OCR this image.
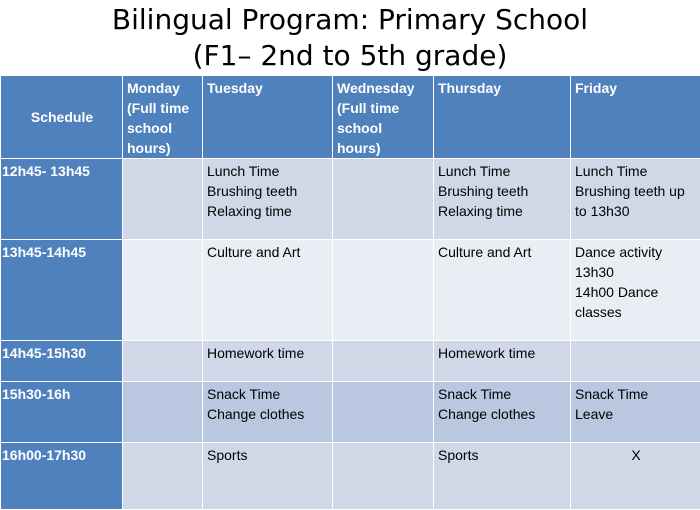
Bilingual Program: Primary School
(F1– 2nd to 5th grade)
Schedule	Monday
(Full time
school
hours)	Tuesday	Wednesday
(Full time
school
hours)	Thursday	Friday
12h45- 13h45		Lunch Time
Brushing teeth
Relaxing time		Lunch Time
Brushing teeth
Relaxing time	Lunch Time
Brushing teeth up
to 13h30

13h45-14h45		Culture and Art		Culture and Art	Dance activity
13h30
14h00 Dance
classes

14h45-15h30		Homework time		Homework time	

15h30-16h		Snack Time
Change clothes		Snack Time
Change clothes	Snack Time
Leave

16h00-17h30		Sports		Sports	X
